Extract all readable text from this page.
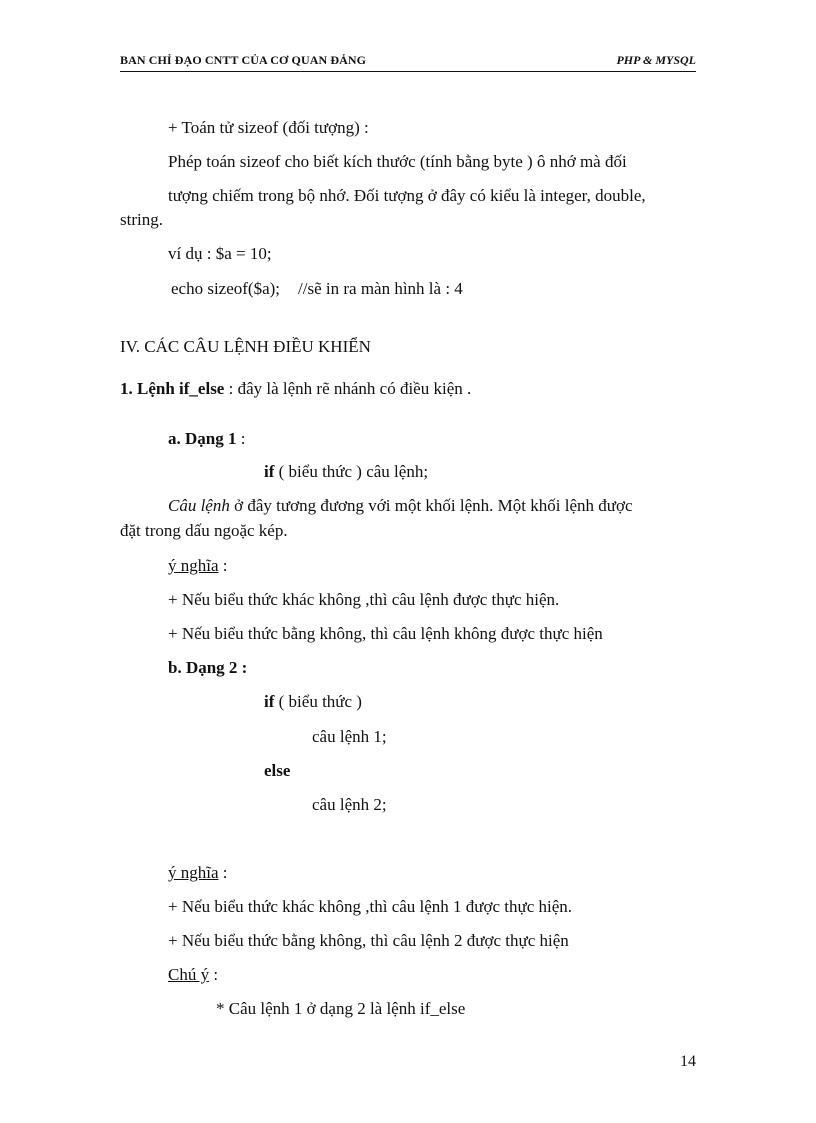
BAN CHỈ ĐẠO CNTT CỦA CƠ QUAN ĐẢNG	PHP & MYSQL
+ Toán tử sizeof (đối tượng) :
Phép toán sizeof cho biết kích thước (tính bằng byte ) ô nhớ mà đối
tượng chiếm trong bộ nhớ. Đối tượng ở đây có kiểu là integer, double,
string.
ví dụ : $a = 10;
echo sizeof($a); //sẽ in ra màn hình là : 4
IV. CÁC CÂU LỆNH ĐIỀU KHIỂN
1. Lệnh if_else : đây là lệnh rẽ nhánh có điều kiện .
a. Dạng 1 :
if ( biểu thức ) câu lệnh;
Câu lệnh ở đây tương đương với một khối lệnh. Một khối lệnh được
đặt trong dấu ngoặc kép.
ý nghĩa :
+ Nếu biểu thức khác không ,thì câu lệnh được thực hiện.
+ Nếu biểu thức bằng không, thì câu lệnh không được thực hiện
b. Dạng 2 :
if ( biểu thức )
câu lệnh 1;
else
câu lệnh 2;
ý nghĩa :
+ Nếu biểu thức khác không ,thì câu lệnh 1 được thực hiện.
+ Nếu biểu thức bằng không, thì câu lệnh 2 được thực hiện
Chú ý :
* Câu lệnh 1 ở dạng 2 là lệnh if_else
14
